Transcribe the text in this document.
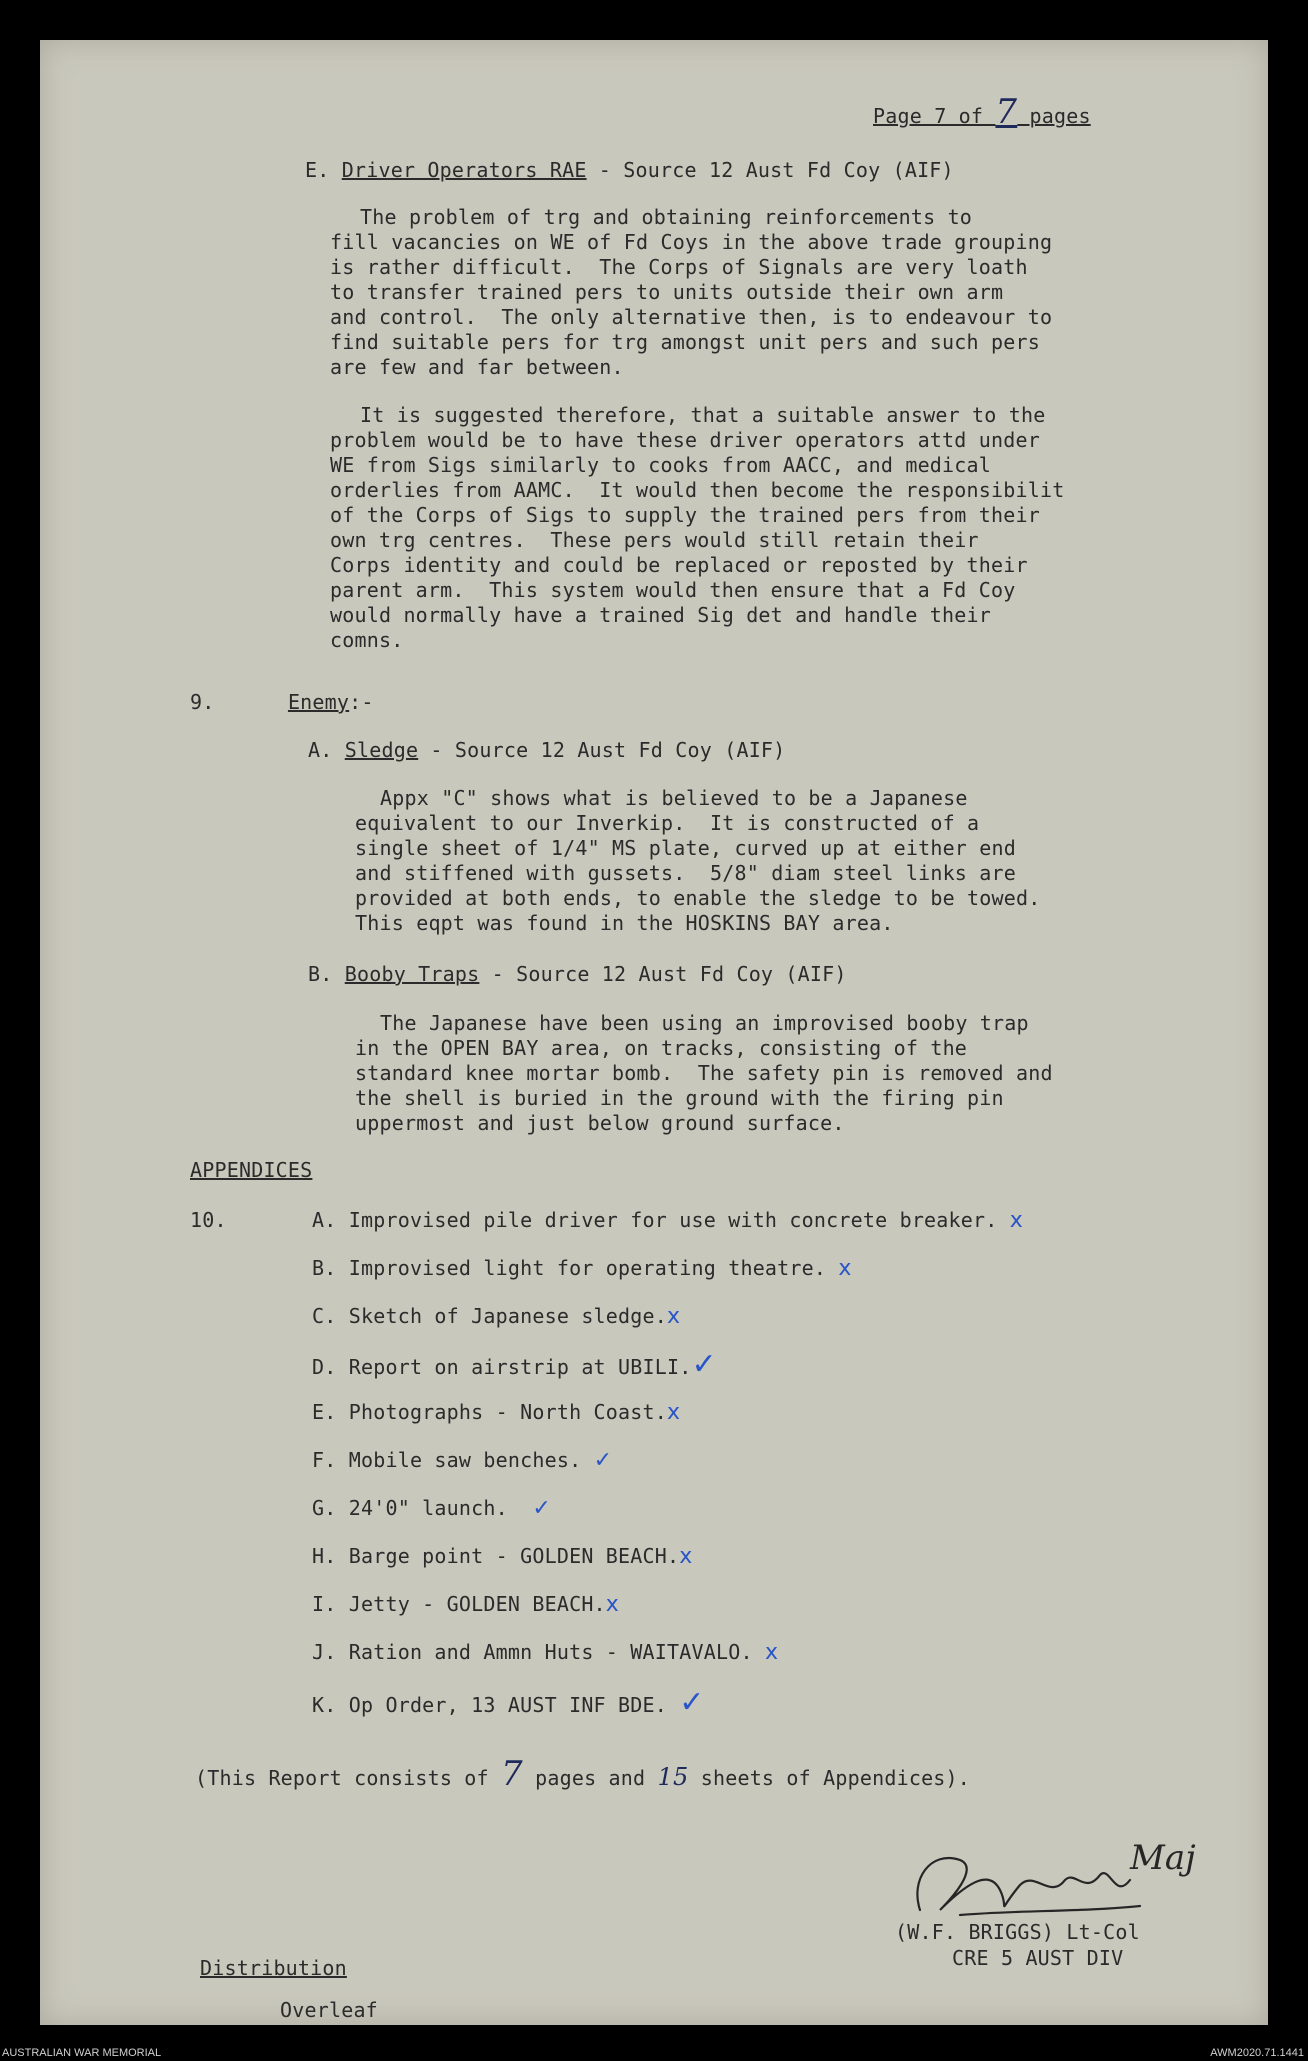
Page 7 of 7 pages
E. Driver Operators RAE - Source 12 Aust Fd Coy (AIF)
The problem of trg and obtaining reinforcements to
fill vacancies on WE of Fd Coys in the above trade grouping
is rather difficult.  The Corps of Signals are very loath
to transfer trained pers to units outside their own arm
and control.  The only alternative then, is to endeavour to
find suitable pers for trg amongst unit pers and such pers
are few and far between.
It is suggested therefore, that a suitable answer to the
problem would be to have these driver operators attd under
WE from Sigs similarly to cooks from AACC, and medical
orderlies from AAMC.  It would then become the responsibilit
of the Corps of Sigs to supply the trained pers from their
own trg centres.  These pers would still retain their
Corps identity and could be replaced or reposted by their
parent arm.  This system would then ensure that a Fd Coy
would normally have a trained Sig det and handle their
comns.
9.	Enemy:-
A. Sledge - Source 12 Aust Fd Coy (AIF)
Appx "C" shows what is believed to be a Japanese
equivalent to our Inverkip.  It is constructed of a
single sheet of 1/4" MS plate, curved up at either end
and stiffened with gussets.  5/8" diam steel links are
provided at both ends, to enable the sledge to be towed.
This eqpt was found in the HOSKINS BAY area.
B. Booby Traps - Source 12 Aust Fd Coy (AIF)
The Japanese have been using an improvised booby trap
in the OPEN BAY area, on tracks, consisting of the
standard knee mortar bomb.  The safety pin is removed and
the shell is buried in the ground with the firing pin
uppermost and just below ground surface.
APPENDICES
10.	A. Improvised pile driver for use with concrete breaker. x
B. Improvised light for operating theatre. x
C. Sketch of Japanese sledge.x
D. Report on airstrip at UBILI.✓
E. Photographs - North Coast.x
F. Mobile saw benches. ✓
G. 24'0" launch. ✓
H. Barge point - GOLDEN BEACH.x
I. Jetty - GOLDEN BEACH.x
J. Ration and Ammn Huts - WAITAVALO. x
K. Op Order, 13 AUST INF BDE. ✓
(This Report consists of 7 pages and 15 sheets of Appendices).
Maj
(W.F. BRIGGS) Lt-Col
CRE 5 AUST DIV
Distribution
Overleaf
AUSTRALIAN WAR MEMORIAL	AWM2020.71.1441
